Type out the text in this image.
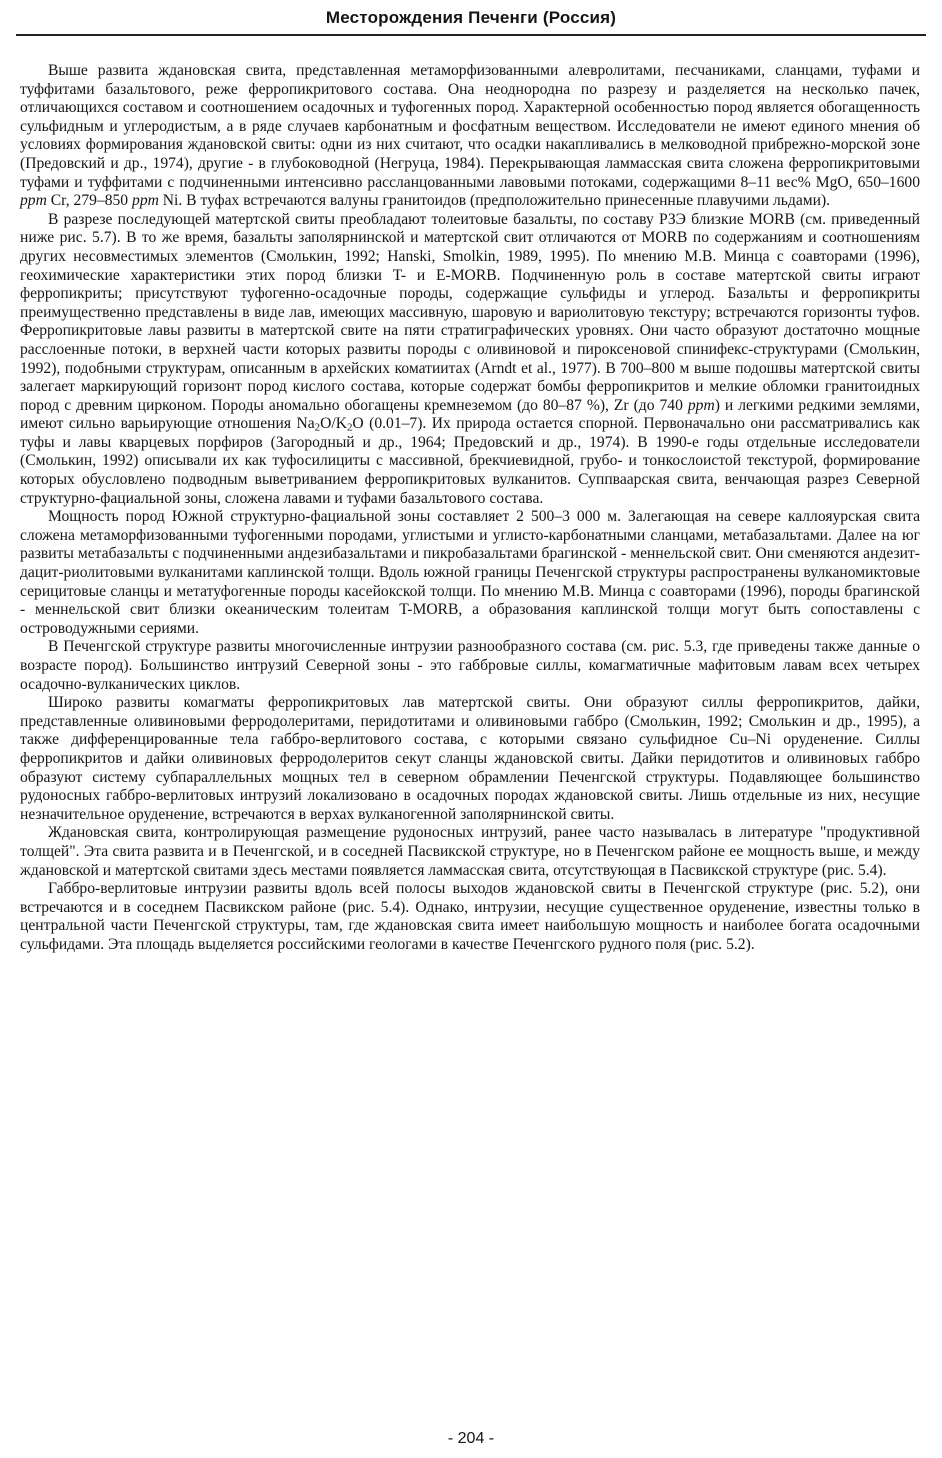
Месторождения Печенги (Россия)

Выше развита ждановская свита, представленная метаморфизованными алевролитами, песчаниками, сланцами, туфами и туффитами базальтового, реже ферропикритового состава. Она неоднородна по разрезу и разделяется на несколько пачек, отличающихся составом и соотношением осадочных и туфогенных пород. Характерной особенностью пород является обогащенность сульфидным и углеродистым, а в ряде случаев карбонатным и фосфатным веществом. Исследователи не имеют единого мнения об условиях формирования ждановской свиты: одни из них считают, что осадки накапливались в мелководной прибрежно-морской зоне (Предовский и др., 1974), другие - в глубоководной (Негруца, 1984). Перекрывающая ламмасская свита сложена ферропикритовыми туфами и туффитами с подчиненными интенсивно рассланцованными лавовыми потоками, содержащими 8–11 вес% MgO, 650–1600 ppm Cr, 279–850 ppm Ni. В туфах встречаются валуны гранитоидов (предположительно принесенные плавучими льдами).

В разрезе последующей матертской свиты преобладают толеитовые базальты, по составу РЗЭ близкие MORB (см. приведенный ниже рис. 5.7). В то же время, базальты заполярнинской и матертской свит отличаются от MORB по содержаниям и соотношениям других несовместимых элементов (Смолькин, 1992; Hanski, Smolkin, 1989, 1995). По мнению М.В. Минца с соавторами (1996), геохимические характеристики этих пород близки T- и E-MORB. Подчиненную роль в составе матертской свиты играют ферропикриты; присутствуют туфогенно-осадочные породы, содержащие сульфиды и углерод. Базальты и ферропикриты преимущественно представлены в виде лав, имеющих массивную, шаровую и вариолитовую текстуру; встречаются горизонты туфов. Ферропикритовые лавы развиты в матертской свите на пяти стратиграфических уровнях. Они часто образуют достаточно мощные расслоенные потоки, в верхней части которых развиты породы с оливиновой и пироксеновой спинифекс-структурами (Смолькин, 1992), подобными структурам, описанным в архейских коматиитах (Arndt et al., 1977). В 700–800 м выше подошвы матертской свиты залегает маркирующий горизонт пород кислого состава, которые содержат бомбы ферропикритов и мелкие обломки гранитоидных пород с древним цирконом. Породы аномально обогащены кремнеземом (до 80–87 %), Zr (до 740 ppm) и легкими редкими землями, имеют сильно варьирующие отношения $Na_2O/K_2O$ (0.01–7). Их природа остается спорной. Первоначально они рассматривались как туфы и лавы кварцевых порфиров (Загородный и др., 1964; Предовский и др., 1974). В 1990-е годы отдельные исследователи (Смолькин, 1992) описывали их как туфосилициты с массивной, брекчиевидной, грубо- и тонкослоистой текстурой, формирование которых обусловлено подводным выветриванием ферропикритовых вулканитов. Суппваарская свита, венчающая разрез Северной структурно-фациальной зоны, сложена лавами и туфами базальтового состава.

Мощность пород Южной структурно-фациальной зоны составляет 2 500–3 000 м. Залегающая на севере каллояурская свита сложена метаморфизованными туфогенными породами, углистыми и углисто-карбонатными сланцами, метабазальтами. Далее на юг развиты метабазальты с подчиненными андезибазальтами и пикробазальтами брагинской - меннельской свит. Они сменяются андезит-дацит-риолитовыми вулканитами каплинской толщи. Вдоль южной границы Печенгской структуры распространены вулканомиктовые серицитовые сланцы и метатуфогенные породы касейокской толщи. По мнению М.В. Минца с соавторами (1996), породы брагинской - меннельской свит близки океаническим толеитам T-MORB, а образования каплинской толщи могут быть сопоставлены с островодужными сериями.

В Печенгской структуре развиты многочисленные интрузии разнообразного состава (см. рис. 5.3, где приведены также данные о возрасте пород). Большинство интрузий Северной зоны - это габбровые силлы, комагматичные мафитовым лавам всех четырех осадочно-вулканических циклов.

Широко развиты комагматы ферропикритовых лав матертской свиты. Они образуют силлы ферропикритов, дайки, представленные оливиновыми ферродолеритами, перидотитами и оливиновыми габбро (Смолькин, 1992; Смолькин и др., 1995), а также дифференцированные тела габбро-верлитового состава, с которыми связано сульфидное Cu–Ni оруденение. Силлы ферропикритов и дайки оливиновых ферродолеритов секут сланцы ждановской свиты. Дайки перидотитов и оливиновых габбро образуют систему субпараллельных мощных тел в северном обрамлении Печенгской структуры. Подавляющее большинство рудоносных габбро-верлитовых интрузий локализовано в осадочных породах ждановской свиты. Лишь отдельные из них, несущие незначительное оруденение, встречаются в верхах вулканогенной заполярнинской свиты.

Ждановская свита, контролирующая размещение рудоносных интрузий, ранее часто называлась в литературе "продуктивной толщей". Эта свита развита и в Печенгской, и в соседней Пасвикской структуре, но в Печенгском районе ее мощность выше, и между ждановской и матертской свитами здесь местами появляется ламмасская свита, отсутствующая в Пасвикской структуре (рис. 5.4).

Габбро-верлитовые интрузии развиты вдоль всей полосы выходов ждановской свиты в Печенгской структуре (рис. 5.2), они встречаются и в соседнем Пасвикском районе (рис. 5.4). Однако, интрузии, несущие существенное оруденение, известны только в центральной части Печенгской структуры, там, где ждановская свита имеет наибольшую мощность и наиболее богата осадочными сульфидами. Эта площадь выделяется российскими геологами в качестве Печенгского рудного поля (рис. 5.2).

- 204 -
